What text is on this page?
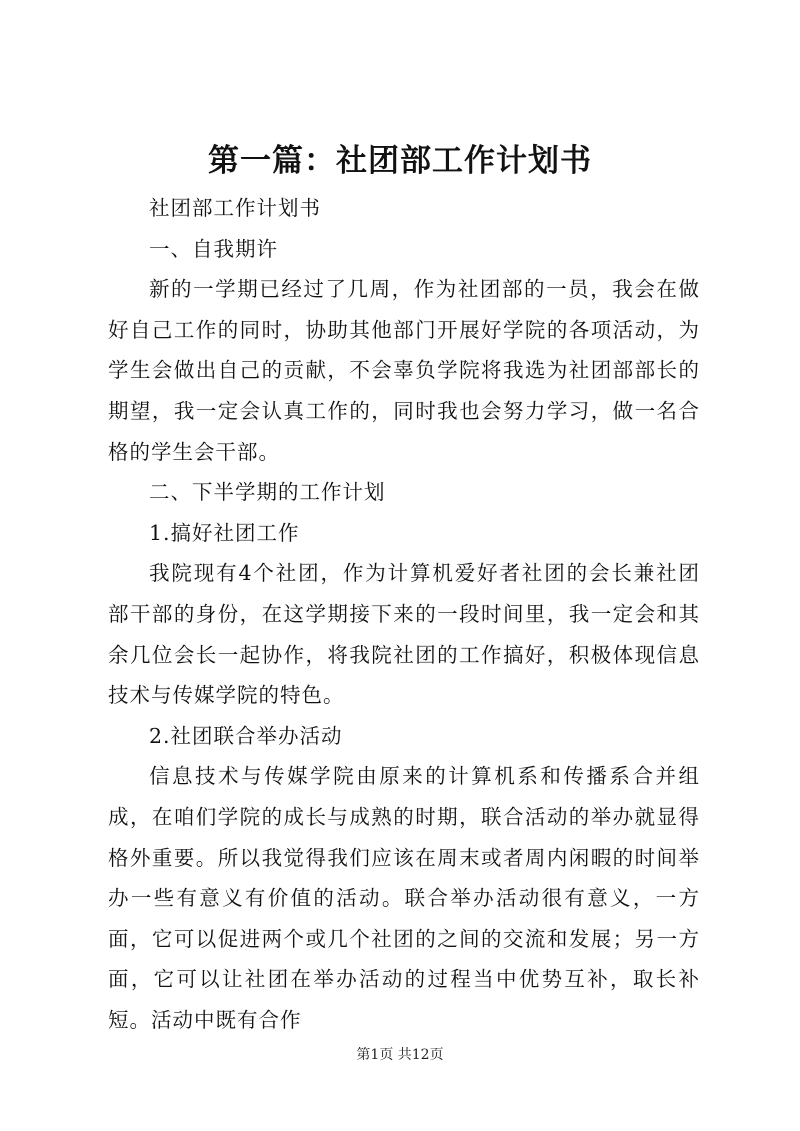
第一篇：社团部工作计划书

社团部工作计划书

一、自我期许

新的一学期已经过了几周，作为社团部的一员，我会在做好自己工作的同时，协助其他部门开展好学院的各项活动，为学生会做出自己的贡献，不会辜负学院将我选为社团部部长的期望，我一定会认真工作的，同时我也会努力学习，做一名合格的学生会干部。

二、下半学期的工作计划

1.搞好社团工作

我院现有4个社团，作为计算机爱好者社团的会长兼社团部干部的身份，在这学期接下来的一段时间里，我一定会和其余几位会长一起协作，将我院社团的工作搞好，积极体现信息技术与传媒学院的特色。

2.社团联合举办活动

信息技术与传媒学院由原来的计算机系和传播系合并组成，在咱们学院的成长与成熟的时期，联合活动的举办就显得格外重要。所以我觉得我们应该在周末或者周内闲暇的时间举办一些有意义有价值的活动。联合举办活动很有意义，一方面，它可以促进两个或几个社团的之间的交流和发展；另一方面，它可以让社团在举办活动的过程当中优势互补，取长补短。活动中既有合作

第1页 共12页
